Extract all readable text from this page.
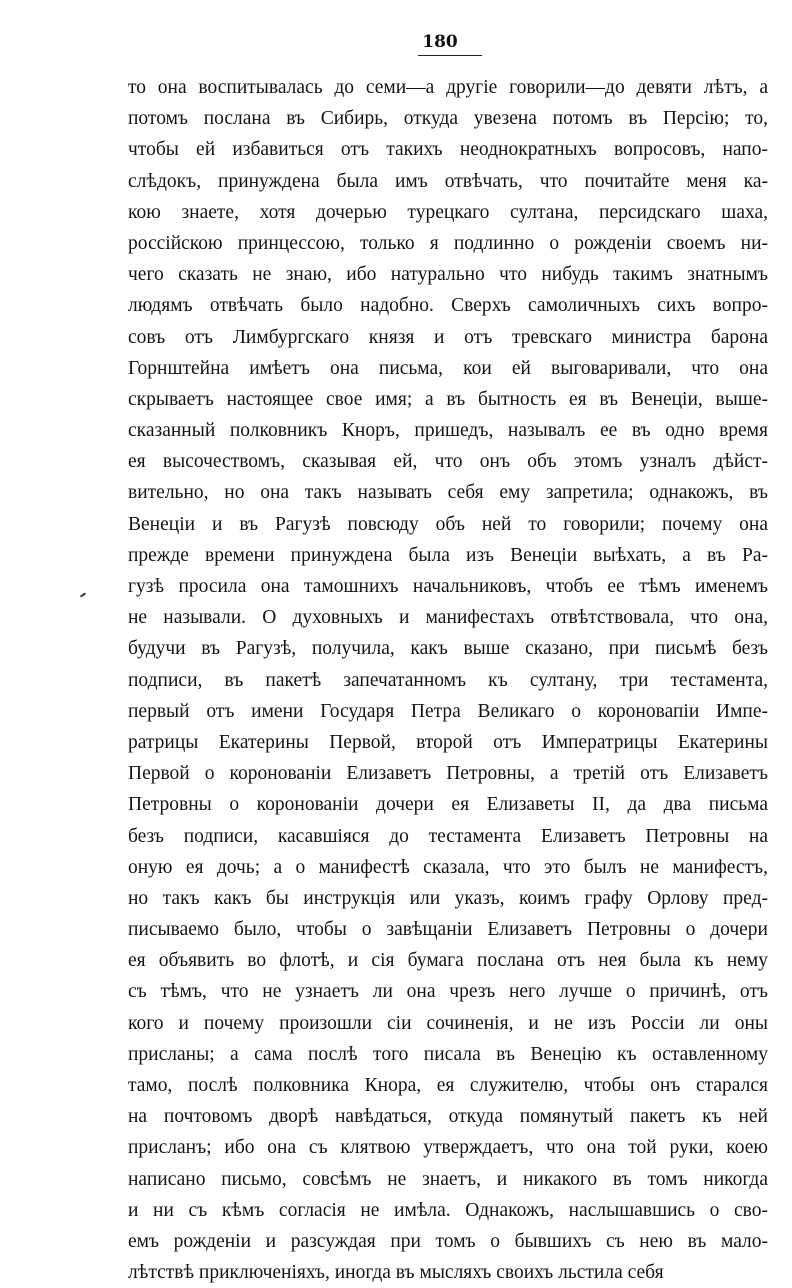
180
то она воспитывалась до семи—а другіе говорили—до девяти лѣтъ, а
потомъ послана въ Сибирь, откуда увезена потомъ въ Персію; то,
чтобы ей избавиться отъ такихъ неоднократныхъ вопросовъ, напо-
слѣдокъ, принуждена была имъ отвѣчать, что почитайте меня ка-
кою знаете, хотя дочерью турецкаго султана, персидскаго шаха,
россійскою принцессою, только я подлинно о рожденіи своемъ ни-
чего сказать не знаю, ибо натурально что нибудь такимъ знатнымъ
людямъ отвѣчать было надобно. Сверхъ самоличныхъ сихъ вопро-
совъ отъ Лимбургскаго князя и отъ тревскаго министра барона
Горнштейна имѣетъ она письма, кои ей выговаривали, что она
скрываетъ настоящее свое имя; а въ бытность ея въ Венеціи, выше-
сказанный полковникъ Кноръ, пришедъ, называлъ ее въ одно время
ея высочествомъ, сказывая ей, что онъ объ этомъ узналъ дѣйст-
вительно, но она такъ называть себя ему запретила; однакожъ, въ
Венеціи и въ Рагузѣ повсюду объ ней то говорили; почему она
прежде времени принуждена была изъ Венеціи выѣхать, а въ Ра-
гузѣ просила она тамошнихъ начальниковъ, чтобъ ее тѣмъ именемъ
не называли. О духовныхъ и манифестахъ отвѣтствовала, что она,
будучи въ Рагузѣ, получила, какъ выше сказано, при письмѣ безъ
подписи, въ пакетѣ запечатанномъ къ султану, три тестамента,
первый отъ имени Государя Петра Великаго о короновапіи Импе-
ратрицы Екатерины Первой, второй отъ Императрицы Екатерины
Первой о коронованіи Елизаветъ Петровны, а третій отъ Елизаветъ
Петровны о коронованіи дочери ея Елизаветы II, да два письма
безъ подписи, касавшіяся до тестамента Елизаветъ Петровны на
оную ея дочь; а о манифестѣ сказала, что это былъ не манифестъ,
но такъ какъ бы инструкція или указъ, коимъ графу Орлову пред-
писываемо было, чтобы о завѣщаніи Елизаветъ Петровны о дочери
ея объявить во флотѣ, и сія бумага послана отъ нея была къ нему
съ тѣмъ, что не узнаетъ ли она чрезъ него лучше о причинѣ, отъ
кого и почему произошли сіи сочиненія, и не изъ Россіи ли оны
присланы; а сама послѣ того писала въ Венецію къ оставленному
тамо, послѣ полковника Кнора, ея служителю, чтобы онъ старался
на почтовомъ дворѣ навѣдаться, откуда помянутый пакетъ къ ней
присланъ; ибо она съ клятвою утверждаетъ, что она той руки, коею
написано письмо, совсѣмъ не знаетъ, и никакого въ томъ никогда
и ни съ кѣмъ согласія не имѣла. Однакожъ, наслышавшись о сво-
емъ рожденіи и разсуждая при томъ о бывшихъ съ нею въ мало-
лѣтствѣ приключеніяхъ, иногда въ мысляхъ своихъ льстила себя
